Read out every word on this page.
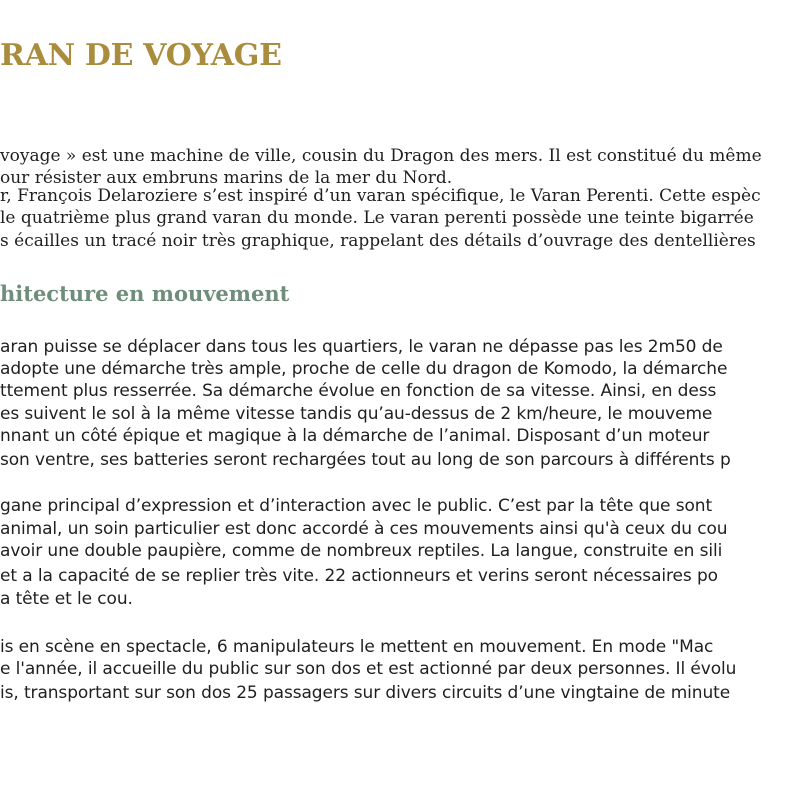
RAN DE VOYAGE
voyage » est une machine de ville, cousin du Dragon des mers. Il est constitué du même
our résister aux embruns marins de la mer du Nord.
r, François Delaroziere s’est inspiré d’un varan spécifique, le Varan Perenti. Cette espèc
le quatrième plus grand varan du monde. Le varan perenti possède une teinte bigarrée
s écailles un tracé noir très graphique, rappelant des détails d’ouvrage des dentellières
hitecture en mouvement
aran puisse se déplacer dans tous les quartiers, le varan ne dépasse pas les 2m50 de
adopte une démarche très ample, proche de celle du dragon de Komodo, la démarche
ttement plus resserrée. Sa démarche évolue en fonction de sa vitesse. Ainsi, en dess
es suivent le sol à la même vitesse tandis qu’au-dessus de 2 km/heure, le mouveme
nnant un côté épique et magique à la démarche de l’animal. Disposant d’un moteur
son ventre, ses batteries seront rechargées tout au long de son parcours à différents p
gane principal d’expression et d’interaction avec le public. C’est par la tête que sont
animal, un soin particulier est donc accordé à ces mouvements ainsi qu'à ceux du cou
avoir une double paupière, comme de nombreux reptiles. La langue, construite en sili
et a la capacité de se replier très vite. 22 actionneurs et verins seront nécessaires po
a tête et le cou.
is en scène en spectacle, 6 manipulateurs le mettent en mouvement. En mode "Mac
e l'année, il accueille du public sur son dos et est actionné par deux personnes. Il évolu
is, transportant sur son dos 25 passagers sur divers circuits d’une vingtaine de minute
